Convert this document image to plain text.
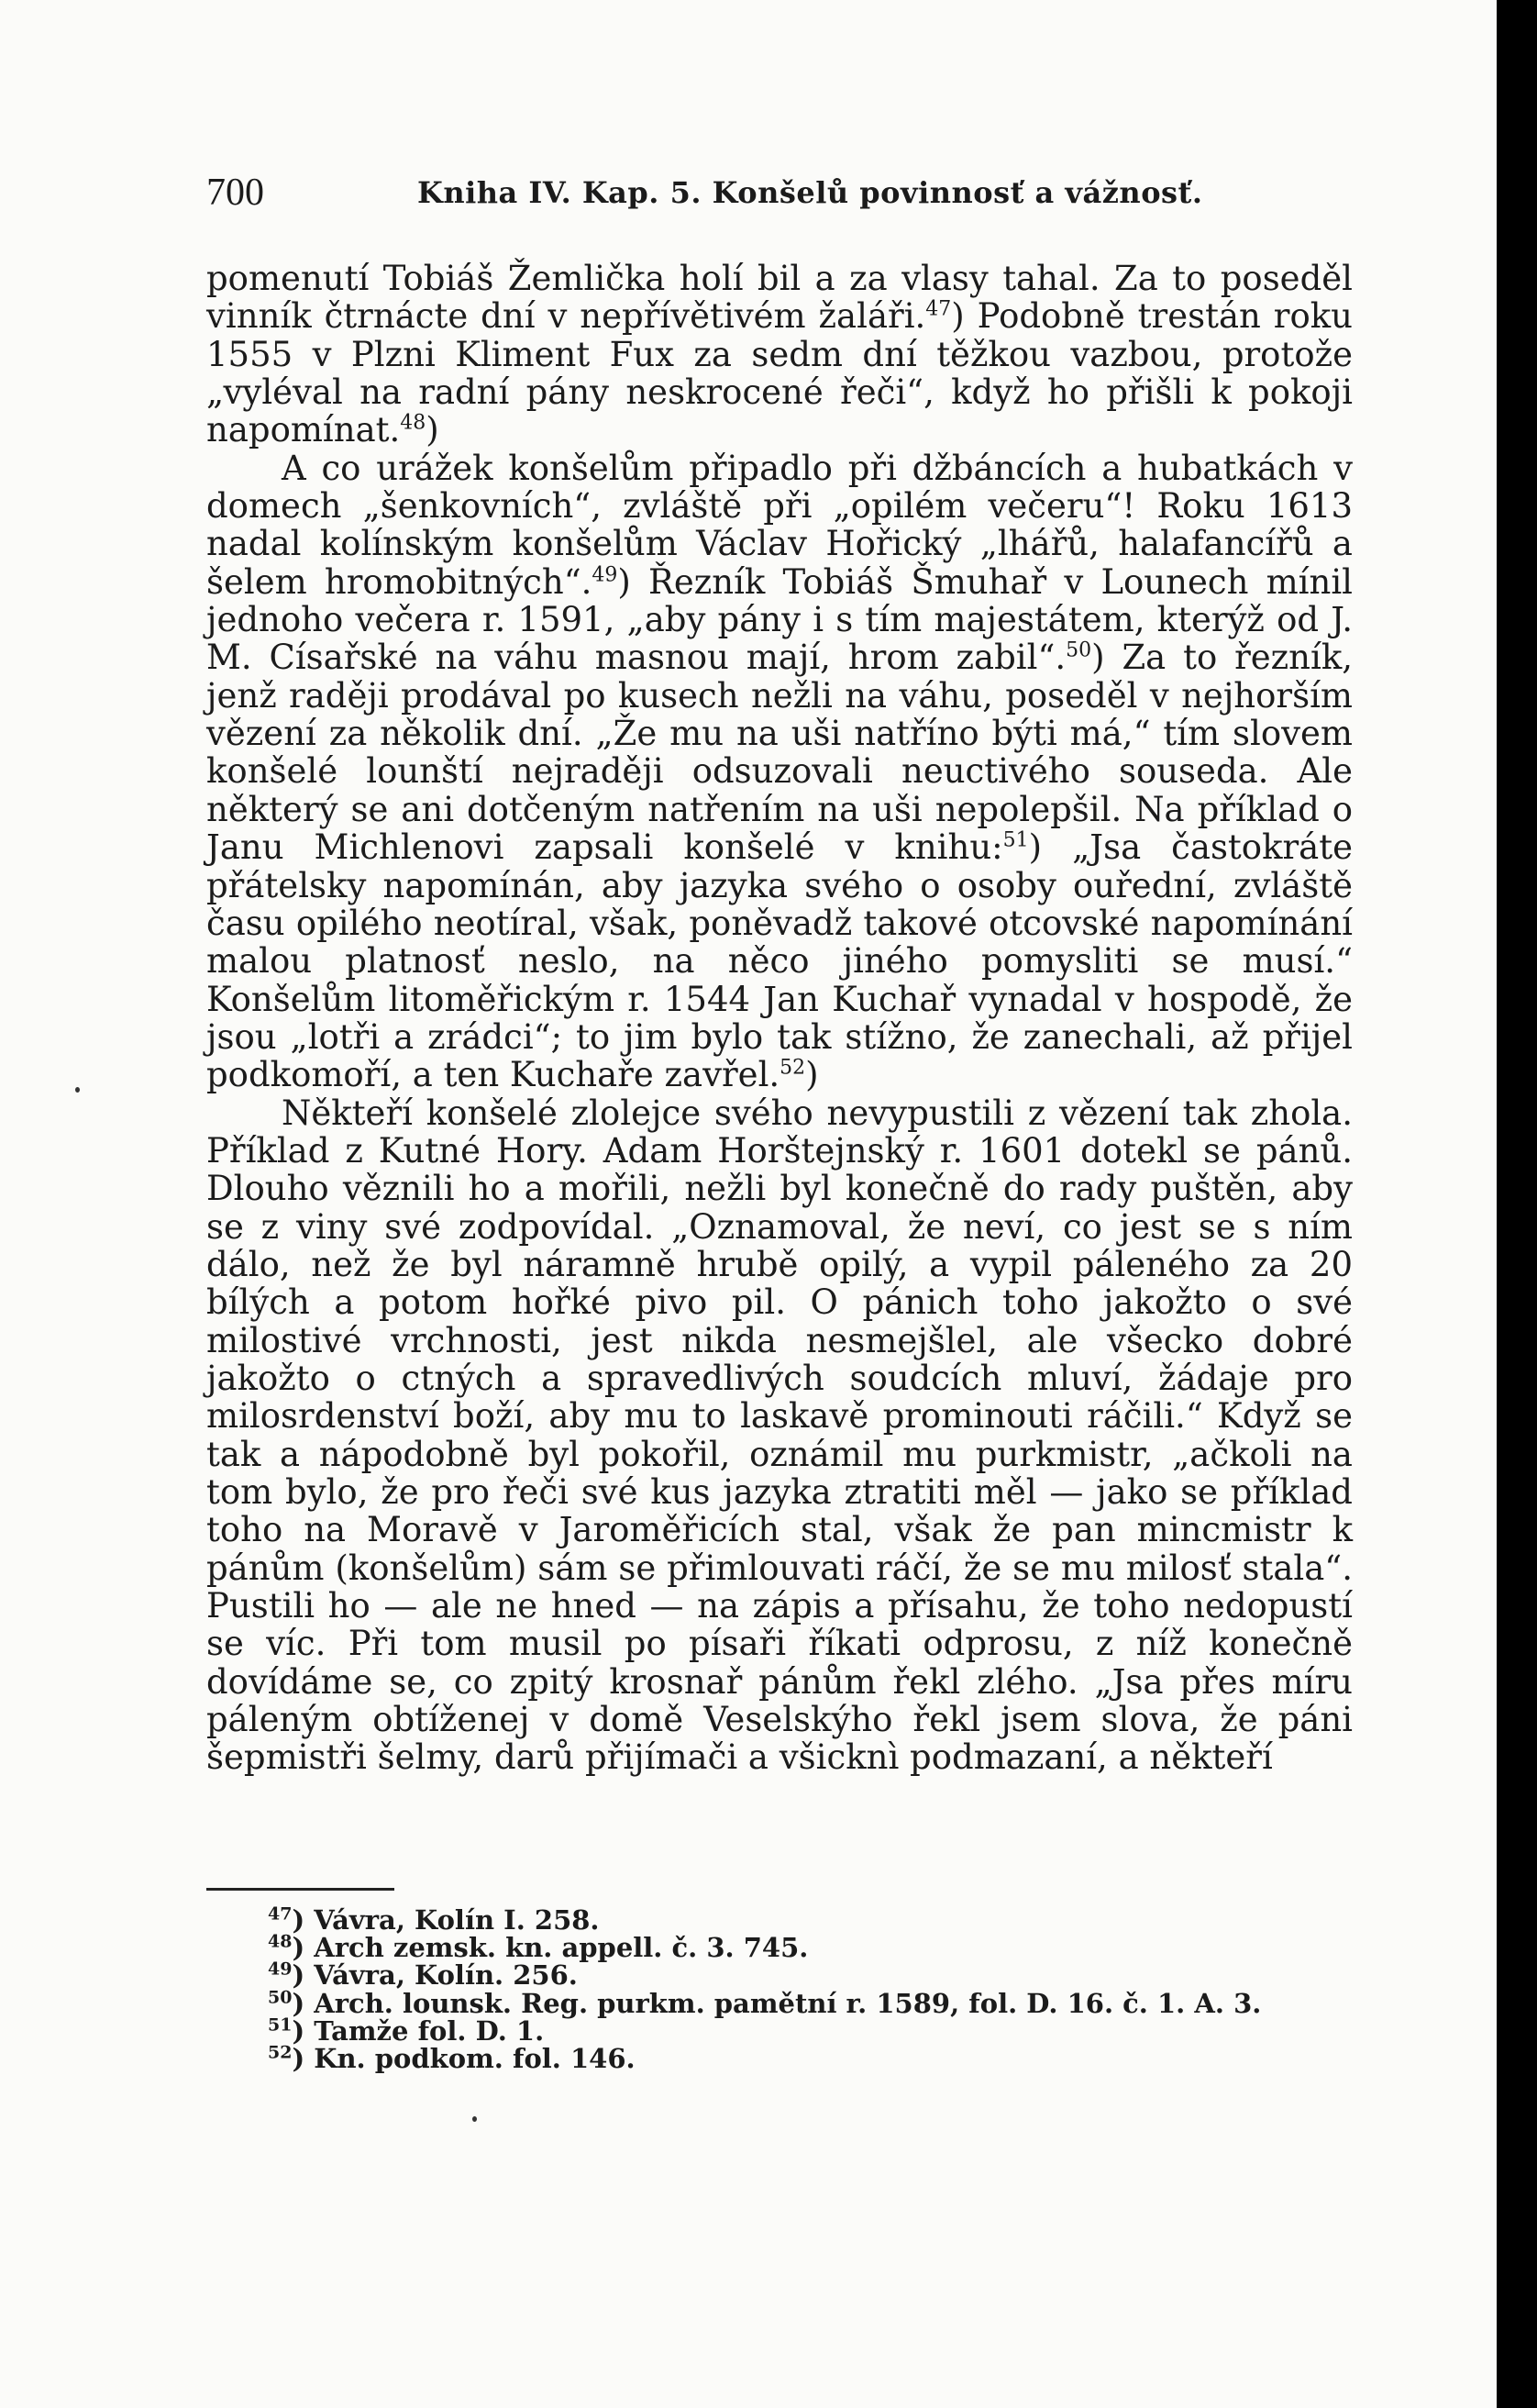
700	Kniha IV. Kap. 5. Konšelů povinnosť a vážnosť.

pomenutí Tobiáš Žemlička holí bil a za vlasy tahal. Za to poseděl vinník čtrnácte dní v nepřívětivém žaláři.$^{47}$) Podobně trestán roku 1555 v Plzni Kliment Fux za sedm dní těžkou vazbou, protože „vyléval na radní pány neskrocené řeči“, když ho přišli k pokoji napomínat.$^{48}$)

A co urážek konšelům připadlo při džbáncích a hubatkách v domech „šenkovních“, zvláště při „opilém večeru“! Roku 1613 nadal kolínským konšelům Václav Hořický „lhářů, halafancířů a šelem hromobitných“.$^{49}$) Řezník Tobiáš Šmuhař v Lounech mínil jednoho večera r. 1591, „aby pány i s tím majestátem, kterýž od J. M. Císařské na váhu masnou mají, hrom zabil“.$^{50}$) Za to řezník, jenž raději prodával po kusech nežli na váhu, poseděl v nejhorším vězení za několik dní. „Že mu na uši natříno býti má,“ tím slovem konšelé lounští nejraději odsuzovali neuctivého souseda. Ale některý se ani dotčeným natřením na uši nepolepšil. Na příklad o Janu Michlenovi zapsali konšelé v knihu:$^{51}$) „Jsa častokráte přátelsky napomínán, aby jazyka svého o osoby ouřední, zvláště času opilého neotíral, však, poněvadž takové otcovské napomínání malou platnosť neslo, na něco jiného pomysliti se musí.“ Konšelům litoměřickým r. 1544 Jan Kuchař vynadal v hospodě, že jsou „lotři a zrádci“; to jim bylo tak stížno, že zanechali, až přijel podkomoří, a ten Kuchaře zavřel.$^{52}$)

Někteří konšelé zlolejce svého nevypustili z vězení tak zhola. Příklad z Kutné Hory. Adam Horštejnský r. 1601 dotekl se pánů. Dlouho věznili ho a mořili, nežli byl konečně do rady puštěn, aby se z viny své zodpovídal. „Oznamoval, že neví, co jest se s ním dálo, než že byl náramně hrubě opilý, a vypil páleného za 20 bílých a potom hořké pivo pil. O pánich toho jakožto o své milostivé vrchnosti, jest nikda nesmejšlel, ale všecko dobré jakožto o ctných a spravedlivých soudcích mluví, žádaje pro milosrdenství boží, aby mu to laskavě prominouti ráčili.“ Když se tak a nápodobně byl pokořil, oznámil mu purkmistr, „ačkoli na tom bylo, že pro řeči své kus jazyka ztratiti měl — jako se příklad toho na Moravě v Jaroměřicích stal, však že pan mincmistr k pánům (konšelům) sám se přimlouvati ráčí, že se mu milosť stala“. Pustili ho — ale ne hned — na zápis a přísahu, že toho nedopustí se víc. Při tom musil po písaři říkati odprosu, z níž konečně dovídáme se, co zpitý krosnař pánům řekl zlého. „Jsa přes míru páleným obtíženej v domě Veselskýho řekl jsem slova, že páni šepmistři šelmy, darů přijímači a všicknì podmazaní, a někteří

$^{47}$) Vávra, Kolín I. 258.
$^{48}$) Arch zemsk. kn. appell. č. 3. 745.
$^{49}$) Vávra, Kolín. 256.
$^{50}$) Arch. lounsk. Reg. purkm. pamětní r. 1589, fol. D. 16. č. 1. A. 3.
$^{51}$) Tamže fol. D. 1.
$^{52}$) Kn. podkom. fol. 146.
